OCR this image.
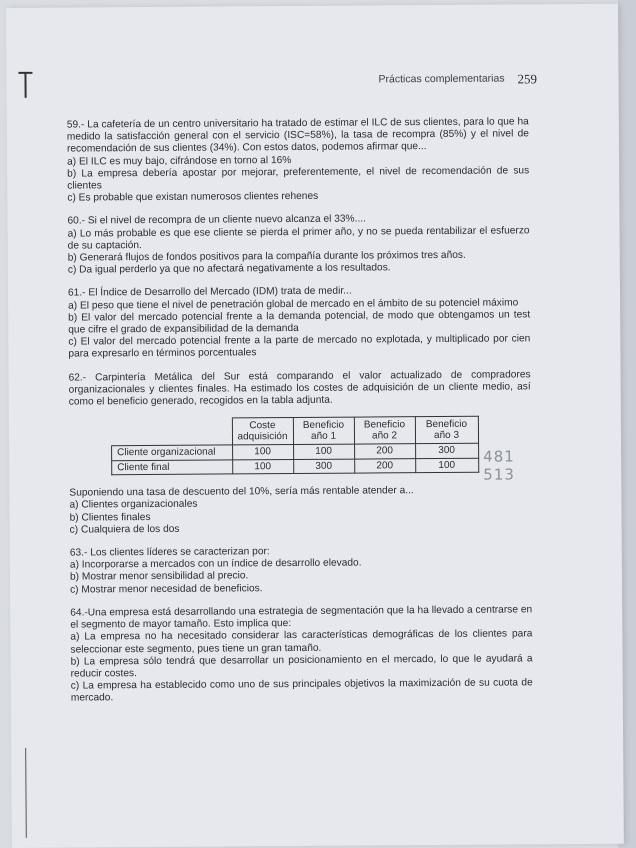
Prácticas complementarias 259

59.- La cafetería de un centro universitario ha tratado de estimar el ILC de sus clientes, para lo que ha medido la satisfacción general con el servicio (ISC=58%), la tasa de recompra (85%) y el nivel de recomendación de sus clientes (34%). Con estos datos, podemos afirmar que...

a) El ILC es muy bajo, cifrándose en torno al 16%

b) La empresa debería apostar por mejorar, preferentemente, el nivel de recomendación de sus clientes

c) Es probable que existan numerosos clientes rehenes

60.- Si el nivel de recompra de un cliente nuevo alcanza el 33%....

a) Lo más probable es que ese cliente se pierda el primer año, y no se pueda rentabilizar el esfuerzo de su captación.

b) Generará flujos de fondos positivos para la compañía durante los próximos tres años.

c) Da igual perderlo ya que no afectará negativamente a los resultados.

61.- El Índice de Desarrollo del Mercado (IDM) trata de medir...

a) El peso que tiene el nivel de penetración global de mercado en el ámbito de su potenciel máximo

b) El valor del mercado potencial frente a la demanda potencial, de modo que obtengamos un test que cifre el grado de expansibilidad de la demanda

c) El valor del mercado potencial frente a la parte de mercado no explotada, y multiplicado por cien para expresarlo en términos porcentuales

62.- Carpintería Metálica del Sur está comparando el valor actualizado de compradores organizacionales y clientes finales. Ha estimado los costes de adquisición de un cliente medio, así como el beneficio generado, recogidos en la tabla adjunta.

	Coste adquisición	Beneficio año 1	Beneficio año 2	Beneficio año 3
Cliente organizacional	100	100	200	300
Cliente final	100	300	200	100 481
513

Suponiendo una tasa de descuento del 10%, sería más rentable atender a...

a) Clientes organizacionales

b) Clientes finales

c) Cualquiera de los dos

63.- Los clientes líderes se caracterizan por:

a) Incorporarse a mercados con un índice de desarrollo elevado.

b) Mostrar menor sensibilidad al precio.

c) Mostrar menor necesidad de beneficios.

64.-Una empresa está desarrollando una estrategia de segmentación que la ha llevado a centrarse en el segmento de mayor tamaño. Esto implica que:

a) La empresa no ha necesitado considerar las características demográficas de los clientes para seleccionar este segmento, pues tiene un gran tamaño.

b) La empresa sólo tendrá que desarrollar un posicionamiento en el mercado, lo que le ayudará a reducir costes.

c) La empresa ha establecido como uno de sus principales objetivos la maximización de su cuota de mercado.
